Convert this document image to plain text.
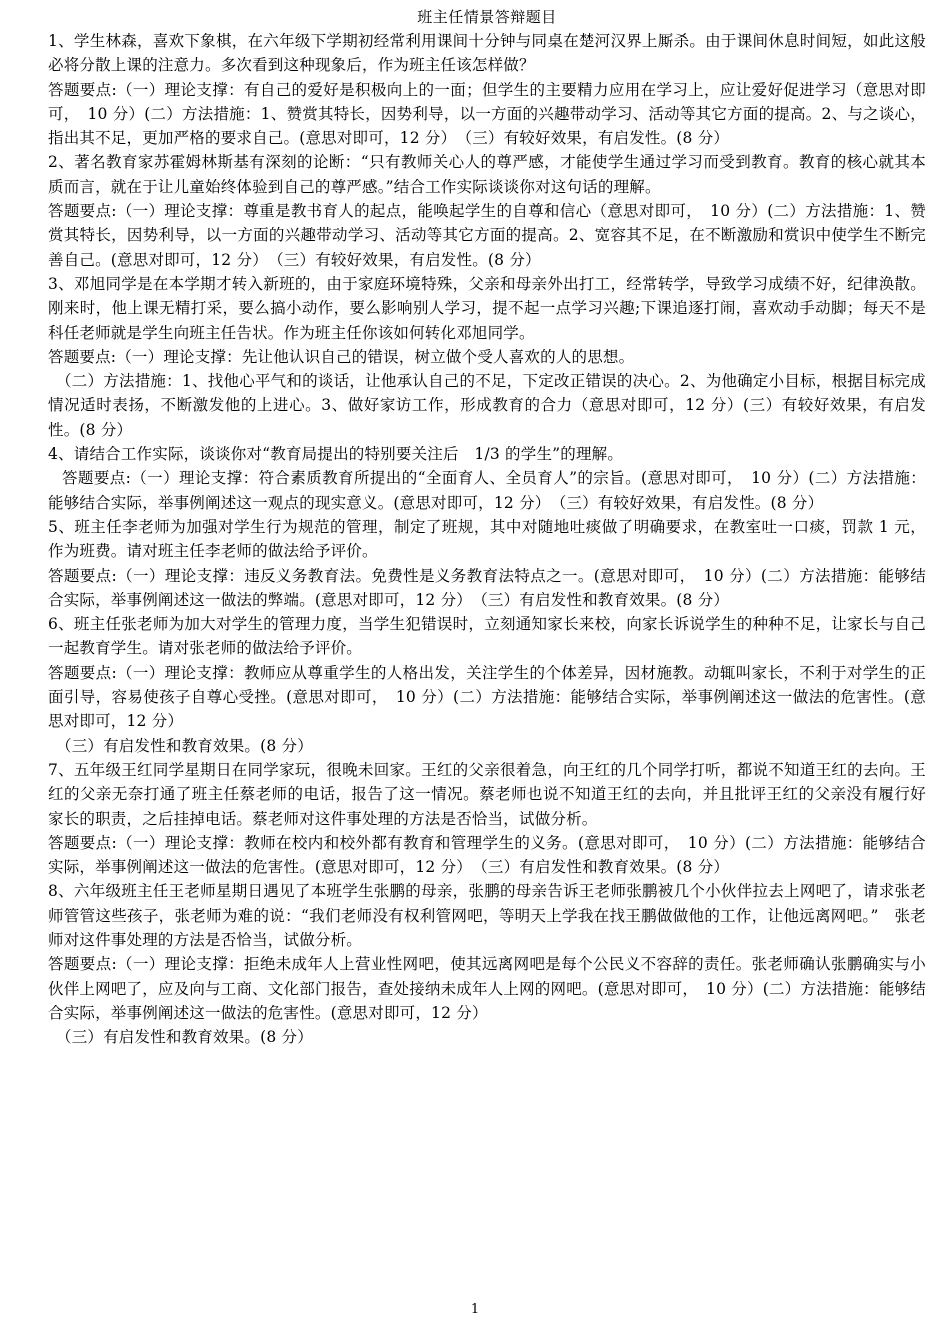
班主任情景答辩题目

1、学生林森，喜欢下象棋，在六年级下学期初经常利用课间十分钟与同桌在楚河汉界上厮杀。由于课间休息时间短，如此这般必将分散上课的注意力。多次看到这种现象后，作为班主任该怎样做？

答题要点:（一）理论支撑：有自己的爱好是积极向上的一面；但学生的主要精力应用在学习上，应让爱好促进学习（意思对即可，　10 分）(二）方法措施：1、赞赏其特长，因势利导，以一方面的兴趣带动学习、活动等其它方面的提高。2、与之谈心，指出其不足，更加严格的要求自己。(意思对即可，12 分）　（三）有较好效果，有启发性。(8 分）

2、著名教育家苏霍姆林斯基有深刻的论断：“只有教师关心人的尊严感，才能使学生通过学习而受到教育。教育的核心就其本质而言，就在于让儿童始终体验到自己的尊严感。”结合工作实际谈谈你对这句话的理解。

答题要点:（一）理论支撑：尊重是教书育人的起点，能唤起学生的自尊和信心（意思对即可，　10 分）(二）方法措施：1、赞赏其特长，因势利导，以一方面的兴趣带动学习、活动等其它方面的提高。2、宽容其不足，在不断激励和赏识中使学生不断完善自己。(意思对即可，12 分）　（三）有较好效果，有启发性。(8 分）

3、邓旭同学是在本学期才转入新班的，由于家庭环境特殊，父亲和母亲外出打工，经常转学，导致学习成绩不好，纪律涣散。刚来时，他上课无精打采，要么搞小动作，要么影响别人学习，提不起一点学习兴趣;下课追逐打闹，喜欢动手动脚；每天不是科任老师就是学生向班主任告状。作为班主任你该如何转化邓旭同学。

答题要点:（一）理论支撑：先让他认识自己的错误，树立做个受人喜欢的人的思想。

（二）方法措施：1、找他心平气和的谈话，让他承认自己的不足，下定改正错误的决心。2、为他确定小目标，根据目标完成情况适时表扬，不断激发他的上进心。3、做好家访工作，形成教育的合力（意思对即可，12 分）(三）有较好效果，有启发性。(8 分）

4、请结合工作实际，谈谈你对“教育局提出的特别要关注后　1/3 的学生”的理解。

答题要点:（一）理论支撑：符合素质教育所提出的“全面育人、全员育人”的宗旨。(意思对即可，　10 分）(二）方法措施：能够结合实际，举事例阐述这一观点的现实意义。(意思对即可，12 分）　（三）有较好效果，有启发性。(8 分）

5、班主任李老师为加强对学生行为规范的管理，制定了班规，其中对随地吐痰做了明确要求，在教室吐一口痰，罚款 1 元，作为班费。请对班主任李老师的做法给予评价。

答题要点:（一）理论支撑：违反义务教育法。免费性是义务教育法特点之一。(意思对即可，　10 分）(二）方法措施：能够结合实际，举事例阐述这一做法的弊端。(意思对即可，12 分）　（三）有启发性和教育效果。(8 分）

6、班主任张老师为加大对学生的管理力度，当学生犯错误时，立刻通知家长来校，向家长诉说学生的种种不足，让家长与自己一起教育学生。请对张老师的做法给予评价。

答题要点:（一）理论支撑：教师应从尊重学生的人格出发，关注学生的个体差异，因材施教。动辄叫家长，不利于对学生的正面引导，容易使孩子自尊心受挫。(意思对即可，　10 分）(二）方法措施：能够结合实际，举事例阐述这一做法的危害性。(意思对即可，12 分）

（三）有启发性和教育效果。(8 分）

7、五年级王红同学星期日在同学家玩，很晚未回家。王红的父亲很着急，向王红的几个同学打听，都说不知道王红的去向。王红的父亲无奈打通了班主任蔡老师的电话，报告了这一情况。蔡老师也说不知道王红的去向，并且批评王红的父亲没有履行好家长的职责，之后挂掉电话。蔡老师对这件事处理的方法是否恰当，试做分析。

答题要点:（一）理论支撑：教师在校内和校外都有教育和管理学生的义务。(意思对即可，　10 分）(二）方法措施：能够结合实际，举事例阐述这一做法的危害性。(意思对即可，12 分）　（三）有启发性和教育效果。(8 分）

8、六年级班主任王老师星期日遇见了本班学生张鹏的母亲，张鹏的母亲告诉王老师张鹏被几个小伙伴拉去上网吧了，请求张老师管管这些孩子，张老师为难的说：“我们老师没有权利管网吧，等明天上学我在找王鹏做做他的工作，让他远离网吧。”　张老师对这件事处理的方法是否恰当，试做分析。

答题要点:（一）理论支撑：拒绝未成年人上营业性网吧，使其远离网吧是每个公民义不容辞的责任。张老师确认张鹏确实与小伙伴上网吧了，应及向与工商、文化部门报告，查处接纳未成年人上网的网吧。(意思对即可，　10 分）(二）方法措施：能够结合实际，举事例阐述这一做法的危害性。(意思对即可，12 分）

（三）有启发性和教育效果。(8 分）

1
